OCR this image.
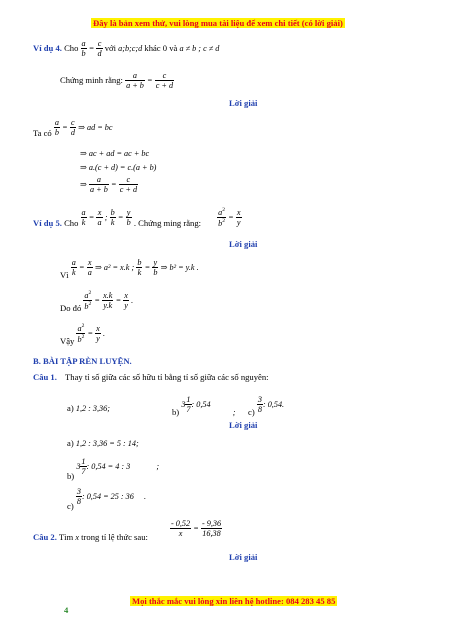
Đây là bản xem thử, vui lòng mua tài liệu để xem chi tiết (có lời giải)
Ví dụ 4. Cho $\frac{a}{b} = \frac{c}{d}$ với a;b;c;d khác 0 và a ≠ b ; c ≠ d
Chứng minh rằng: $\frac{a}{a + b} = \frac{c}{c + d}$
Lời giải
Ta có $\frac{a}{b} = \frac{c}{d}$ ⇒ ad = bc
⇒ ac + ad = ac + bc
⇒ a.(c + d) = c.(a + b)
⇒ $\frac{a}{a + b} = \frac{c}{c + d}$
Ví dụ 5. Cho $\frac{a}{k} = \frac{x}{a}$ ; $\frac{b}{k} = \frac{y}{b}$ . Chứng ming rằng: $\frac{a^2}{b^2} = \frac{x}{y}$
Lời giải
Vì $\frac{a}{k} = \frac{x}{a}$ ⇒ a² = x.k ; $\frac{b}{k} = \frac{y}{b}$ ⇒ b² = y.k .
Do đó $\frac{a^2}{b^2} = \frac{x.k}{y.k} = \frac{x}{y}$ .
Vậy $\frac{a^2}{b^2} = \frac{x}{y}$ .
B. BÀI TẬP RÈN LUYỆN.
Câu 1. Thay tỉ số giữa các số hữu tỉ bằng tỉ số giữa các số nguyên:
a) 1,2 : 3,36;	b) $3 \frac{1}{7}$ : 0,54 ; $c) \frac{3}{8}$ : 0,54.
Lời giải
a) 1,2 : 3,36 = 5 : 14;
b) $3 \frac{1}{7}$ : 0,54 = 4 : 3	;
$c) \frac{3}{8}$ : 0,54 = 25 : 36 .
Câu 2. Tìm x trong tỉ lệ thức sau:	$\frac{- 0,52}{x} = \frac{- 9,36}{16,38}$
Lời giải
Mọi thắc mắc vui lòng xin liên hệ hotline: 084 283 45 85
4
